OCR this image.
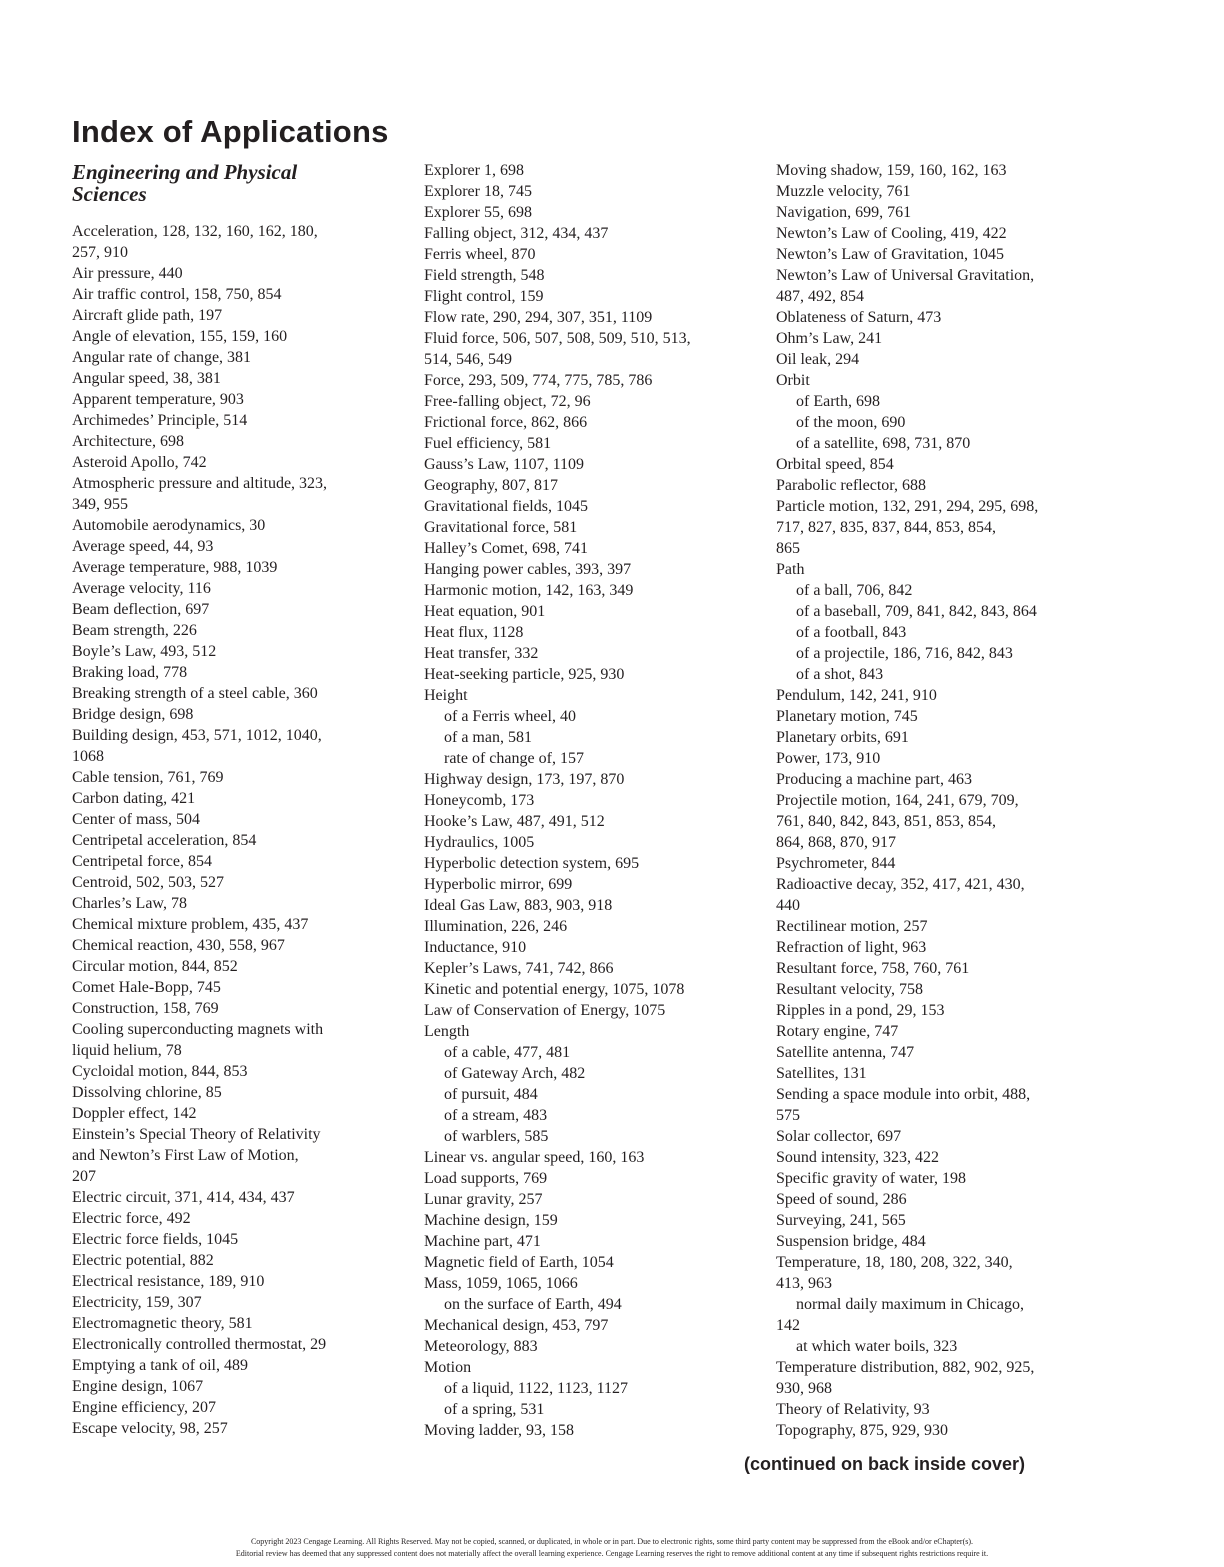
Index of Applications
Engineering and Physical Sciences
Acceleration, 128, 132, 160, 162, 180,
257, 910
Air pressure, 440
Air traffic control, 158, 750, 854
Aircraft glide path, 197
Angle of elevation, 155, 159, 160
Angular rate of change, 381
Angular speed, 38, 381
Apparent temperature, 903
Archimedes’ Principle, 514
Architecture, 698
Asteroid Apollo, 742
Atmospheric pressure and altitude, 323,
349, 955
Automobile aerodynamics, 30
Average speed, 44, 93
Average temperature, 988, 1039
Average velocity, 116
Beam deflection, 697
Beam strength, 226
Boyle’s Law, 493, 512
Braking load, 778
Breaking strength of a steel cable, 360
Bridge design, 698
Building design, 453, 571, 1012, 1040,
1068
Cable tension, 761, 769
Carbon dating, 421
Center of mass, 504
Centripetal acceleration, 854
Centripetal force, 854
Centroid, 502, 503, 527
Charles’s Law, 78
Chemical mixture problem, 435, 437
Chemical reaction, 430, 558, 967
Circular motion, 844, 852
Comet Hale-Bopp, 745
Construction, 158, 769
Cooling superconducting magnets with
liquid helium, 78
Cycloidal motion, 844, 853
Dissolving chlorine, 85
Doppler effect, 142
Einstein’s Special Theory of Relativity
and Newton’s First Law of Motion,
207
Electric circuit, 371, 414, 434, 437
Electric force, 492
Electric force fields, 1045
Electric potential, 882
Electrical resistance, 189, 910
Electricity, 159, 307
Electromagnetic theory, 581
Electronically controlled thermostat, 29
Emptying a tank of oil, 489
Engine design, 1067
Engine efficiency, 207
Escape velocity, 98, 257
Explorer 1, 698
Explorer 18, 745
Explorer 55, 698
Falling object, 312, 434, 437
Ferris wheel, 870
Field strength, 548
Flight control, 159
Flow rate, 290, 294, 307, 351, 1109
Fluid force, 506, 507, 508, 509, 510, 513,
514, 546, 549
Force, 293, 509, 774, 775, 785, 786
Free-falling object, 72, 96
Frictional force, 862, 866
Fuel efficiency, 581
Gauss’s Law, 1107, 1109
Geography, 807, 817
Gravitational fields, 1045
Gravitational force, 581
Halley’s Comet, 698, 741
Hanging power cables, 393, 397
Harmonic motion, 142, 163, 349
Heat equation, 901
Heat flux, 1128
Heat transfer, 332
Heat-seeking particle, 925, 930
Height
of a Ferris wheel, 40
of a man, 581
rate of change of, 157
Highway design, 173, 197, 870
Honeycomb, 173
Hooke’s Law, 487, 491, 512
Hydraulics, 1005
Hyperbolic detection system, 695
Hyperbolic mirror, 699
Ideal Gas Law, 883, 903, 918
Illumination, 226, 246
Inductance, 910
Kepler’s Laws, 741, 742, 866
Kinetic and potential energy, 1075, 1078
Law of Conservation of Energy, 1075
Length
of a cable, 477, 481
of Gateway Arch, 482
of pursuit, 484
of a stream, 483
of warblers, 585
Linear vs. angular speed, 160, 163
Load supports, 769
Lunar gravity, 257
Machine design, 159
Machine part, 471
Magnetic field of Earth, 1054
Mass, 1059, 1065, 1066
on the surface of Earth, 494
Mechanical design, 453, 797
Meteorology, 883
Motion
of a liquid, 1122, 1123, 1127
of a spring, 531
Moving ladder, 93, 158
Moving shadow, 159, 160, 162, 163
Muzzle velocity, 761
Navigation, 699, 761
Newton’s Law of Cooling, 419, 422
Newton’s Law of Gravitation, 1045
Newton’s Law of Universal Gravitation,
487, 492, 854
Oblateness of Saturn, 473
Ohm’s Law, 241
Oil leak, 294
Orbit
of Earth, 698
of the moon, 690
of a satellite, 698, 731, 870
Orbital speed, 854
Parabolic reflector, 688
Particle motion, 132, 291, 294, 295, 698,
717, 827, 835, 837, 844, 853, 854,
865
Path
of a ball, 706, 842
of a baseball, 709, 841, 842, 843, 864
of a football, 843
of a projectile, 186, 716, 842, 843
of a shot, 843
Pendulum, 142, 241, 910
Planetary motion, 745
Planetary orbits, 691
Power, 173, 910
Producing a machine part, 463
Projectile motion, 164, 241, 679, 709,
761, 840, 842, 843, 851, 853, 854,
864, 868, 870, 917
Psychrometer, 844
Radioactive decay, 352, 417, 421, 430,
440
Rectilinear motion, 257
Refraction of light, 963
Resultant force, 758, 760, 761
Resultant velocity, 758
Ripples in a pond, 29, 153
Rotary engine, 747
Satellite antenna, 747
Satellites, 131
Sending a space module into orbit, 488,
575
Solar collector, 697
Sound intensity, 323, 422
Specific gravity of water, 198
Speed of sound, 286
Surveying, 241, 565
Suspension bridge, 484
Temperature, 18, 180, 208, 322, 340,
413, 963
normal daily maximum in Chicago,
142
at which water boils, 323
Temperature distribution, 882, 902, 925,
930, 968
Theory of Relativity, 93
Topography, 875, 929, 930

(continued on back inside cover)

Copyright 2023 Cengage Learning. All Rights Reserved. May not be copied, scanned, or duplicated, in whole or in part. Due to electronic rights, some third party content may be suppressed from the eBook and/or eChapter(s).
Editorial review has deemed that any suppressed content does not materially affect the overall learning experience. Cengage Learning reserves the right to remove additional content at any time if subsequent rights restrictions require it.
